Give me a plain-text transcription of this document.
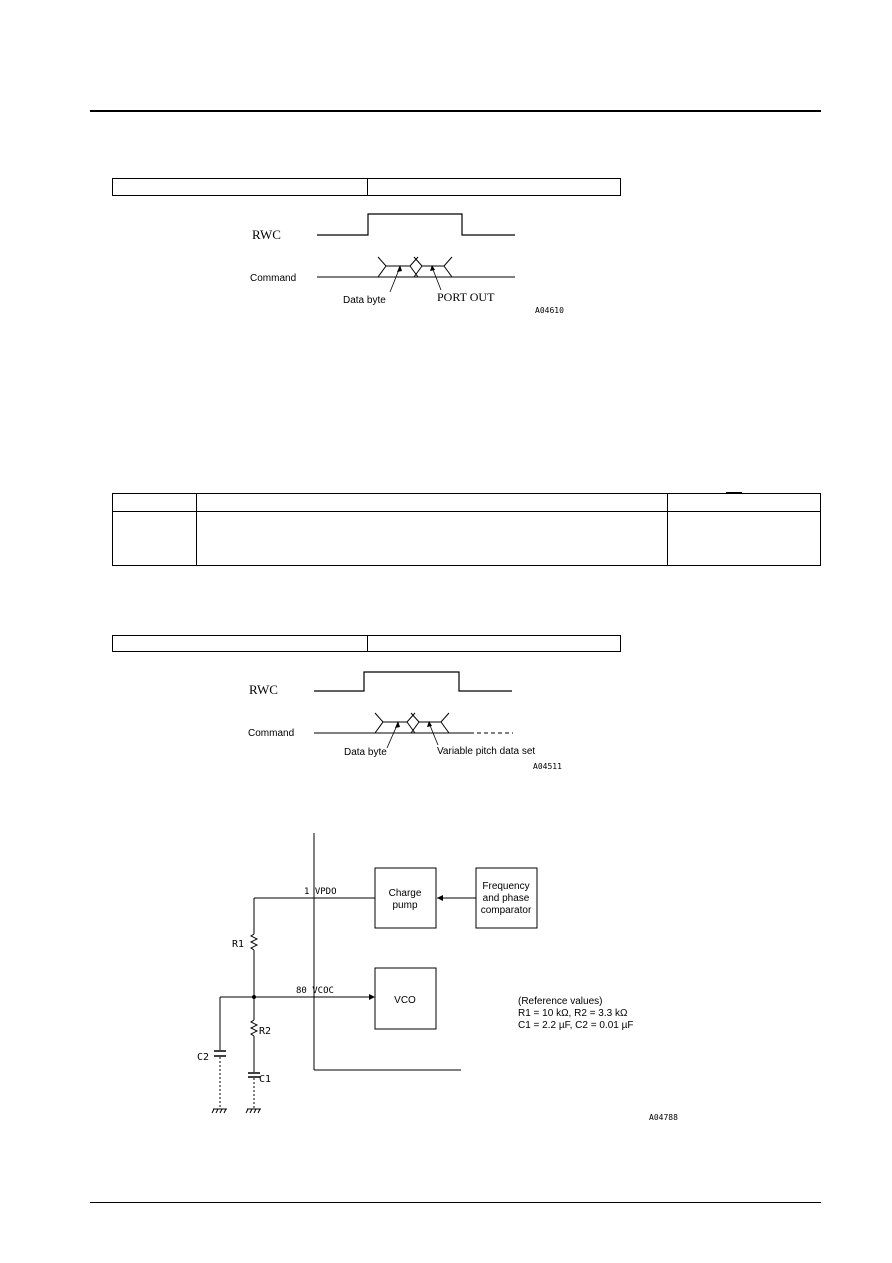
RWC
Command
Data byte	PORT OUT
A04610

RWC
Command
Data byte	Variable pitch data set
A04511
Charge
pump
Frequency
and phase
comparator
VCO
1 VPDO
80 VCOC
R1
R2
C1
C2
(Reference values)
R1 = 10 kΩ, R2 = 3.3 kΩ
C1 = 2.2 µF, C2 = 0.01 µF
A04788
